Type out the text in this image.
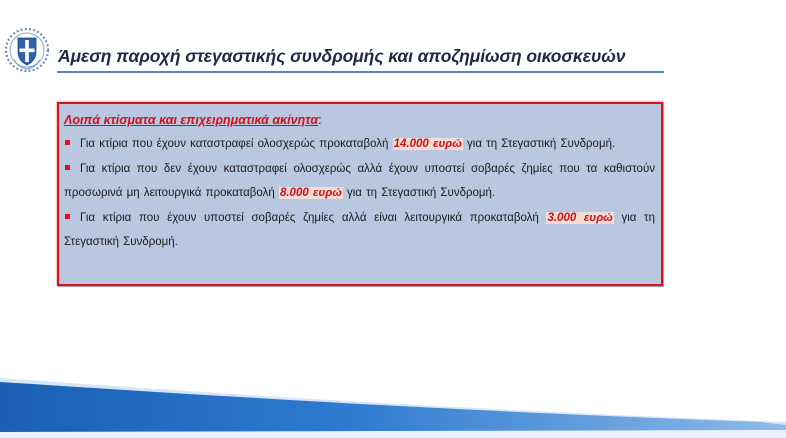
Άμεση παροχή στεγαστικής συνδρομής και αποζημίωση οικοσκευών
Λοιπά κτίσματα και επιχειρηματικά ακίνητα:

Για κτίρια που έχουν καταστραφεί ολοσχερώς προκαταβολή 14.000 ευρώ για τη Στεγαστική Συνδρομή.

Για κτίρια που δεν έχουν καταστραφεί ολοσχερώς αλλά έχουν υποστεί σοβαρές ζημίες που τα καθιστούν προσωρινά μη λειτουργικά προκαταβολή 8.000 ευρώ για τη Στεγαστική Συνδρομή.

Για κτίρια που έχουν υποστεί σοβαρές ζημίες αλλά είναι λειτουργικά προκαταβολή 3.000 ευρώ για τη Στεγαστική Συνδρομή.
